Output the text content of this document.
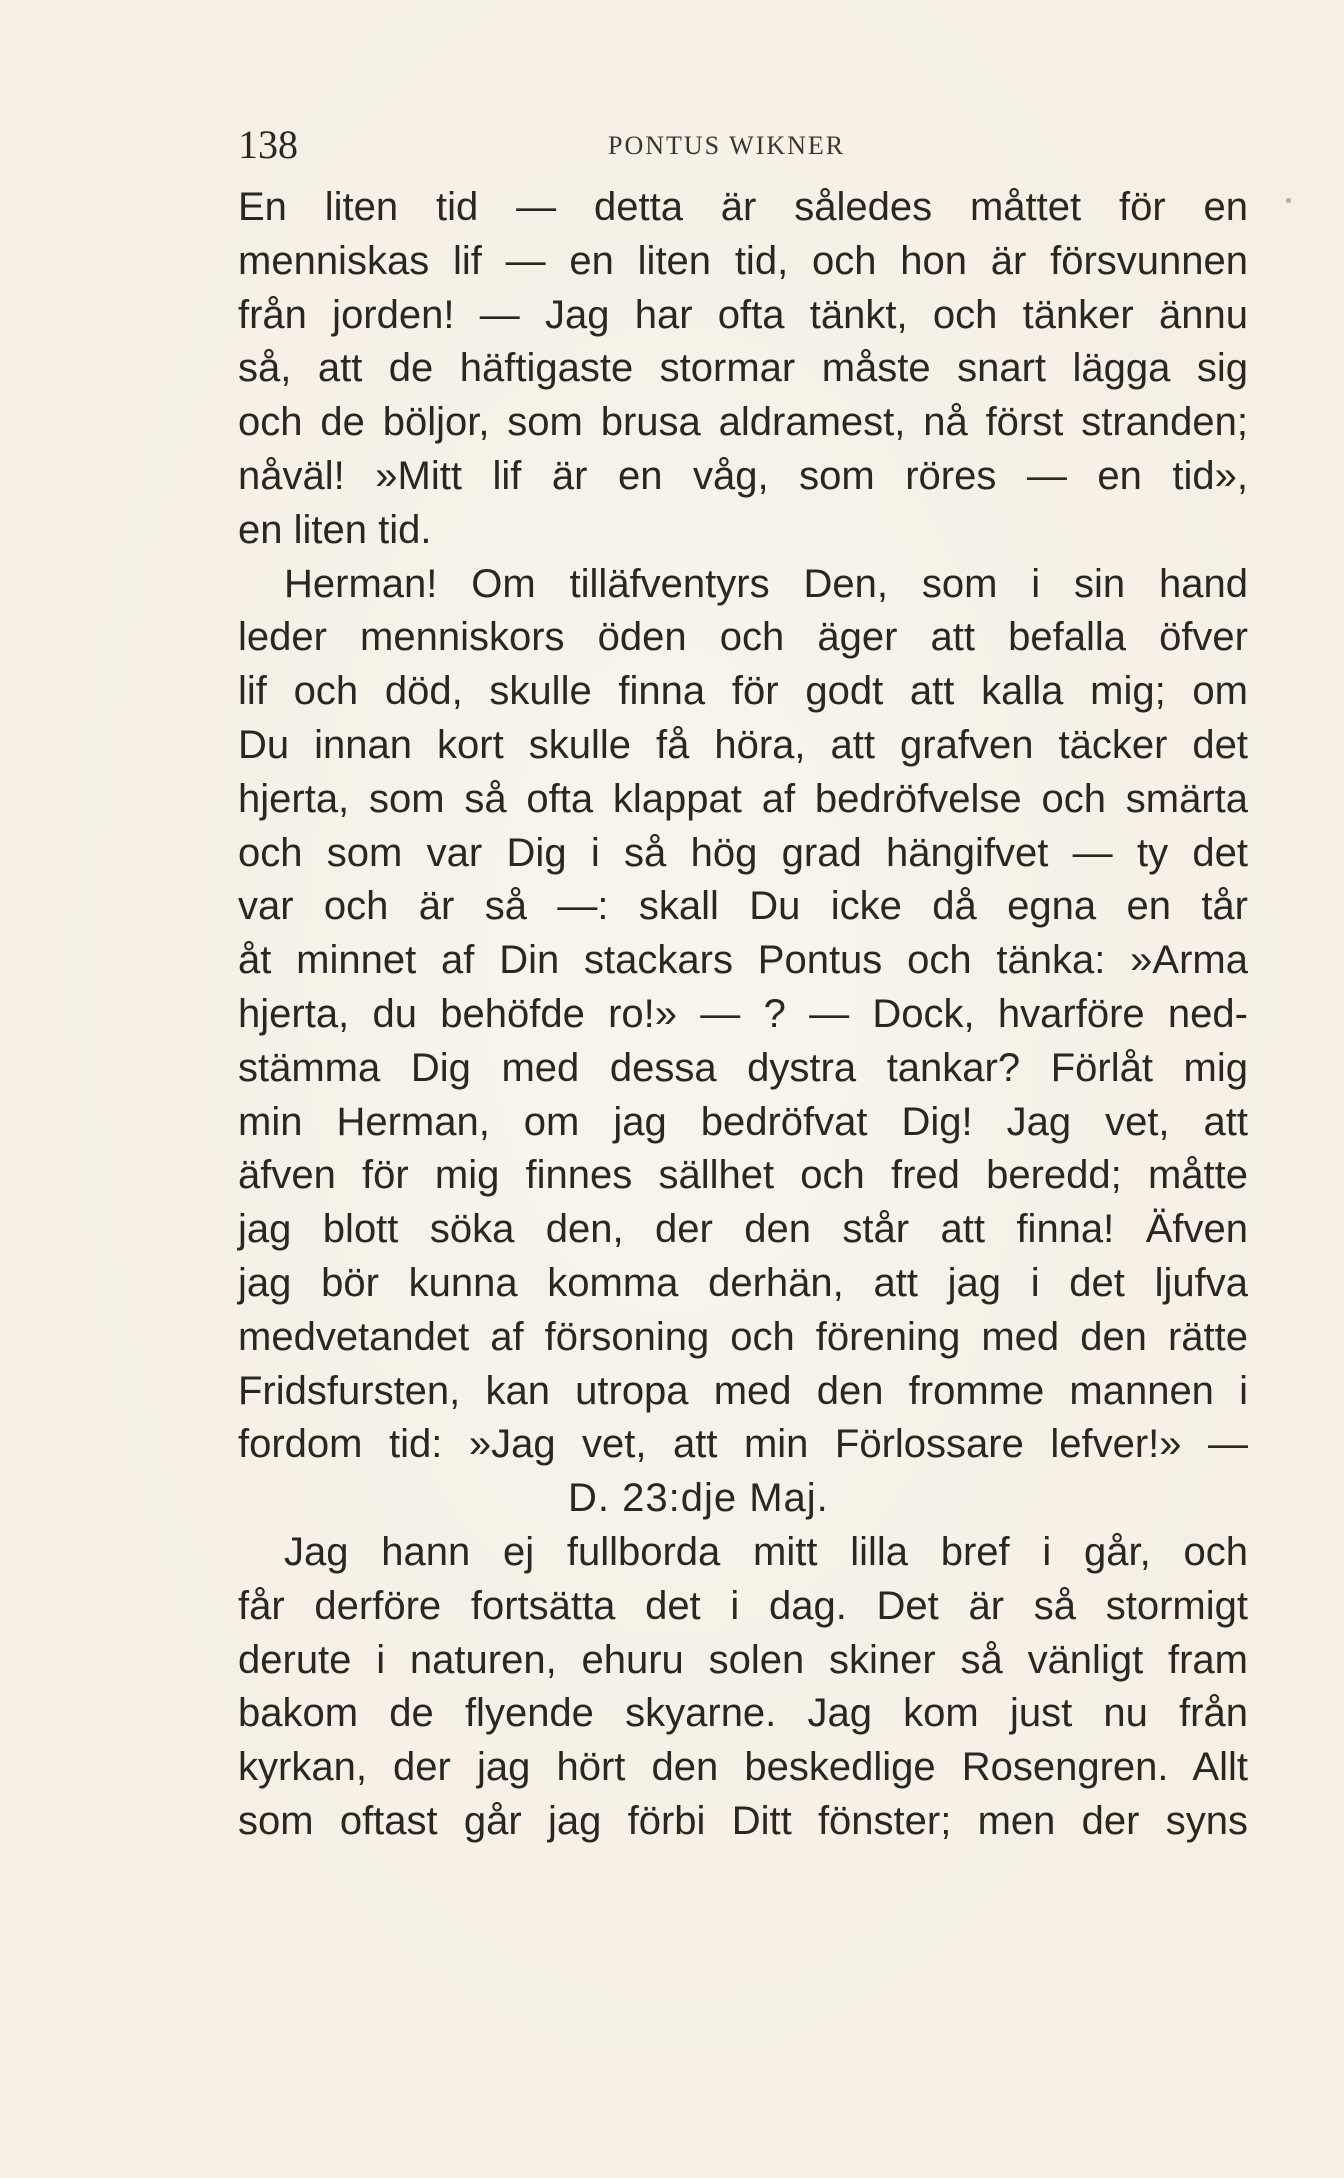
138	PONTUS WIKNER
En liten tid — detta är således måttet för en
menniskas lif — en liten tid, och hon är försvunnen
från jorden! — Jag har ofta tänkt, och tänker ännu
så, att de häftigaste stormar måste snart lägga sig
och de böljor, som brusa aldramest, nå först stranden;
nåväl! »Mitt lif är en våg, som röres — en tid»,
en liten tid.
Herman! Om tilläfventyrs Den, som i sin hand
leder menniskors öden och äger att befalla öfver
lif och död, skulle finna för godt att kalla mig; om
Du innan kort skulle få höra, att grafven täcker det
hjerta, som så ofta klappat af bedröfvelse och smärta
och som var Dig i så hög grad hängifvet — ty det
var och är så —: skall Du icke då egna en tår
åt minnet af Din stackars Pontus och tänka: »Arma
hjerta, du behöfde ro!» — ? — Dock, hvarföre ned-
stämma Dig med dessa dystra tankar? Förlåt mig
min Herman, om jag bedröfvat Dig! Jag vet, att
äfven för mig finnes sällhet och fred beredd; måtte
jag blott söka den, der den står att finna! Äfven
jag bör kunna komma derhän, att jag i det ljufva
medvetandet af försoning och förening med den rätte
Fridsfursten, kan utropa med den fromme mannen i
fordom tid: »Jag vet, att min Förlossare lefver!» —
D. 23:dje Maj.
Jag hann ej fullborda mitt lilla bref i går, och
får derföre fortsätta det i dag. Det är så stormigt
derute i naturen, ehuru solen skiner så vänligt fram
bakom de flyende skyarne. Jag kom just nu från
kyrkan, der jag hört den beskedlige Rosengren. Allt
som oftast går jag förbi Ditt fönster; men der syns
